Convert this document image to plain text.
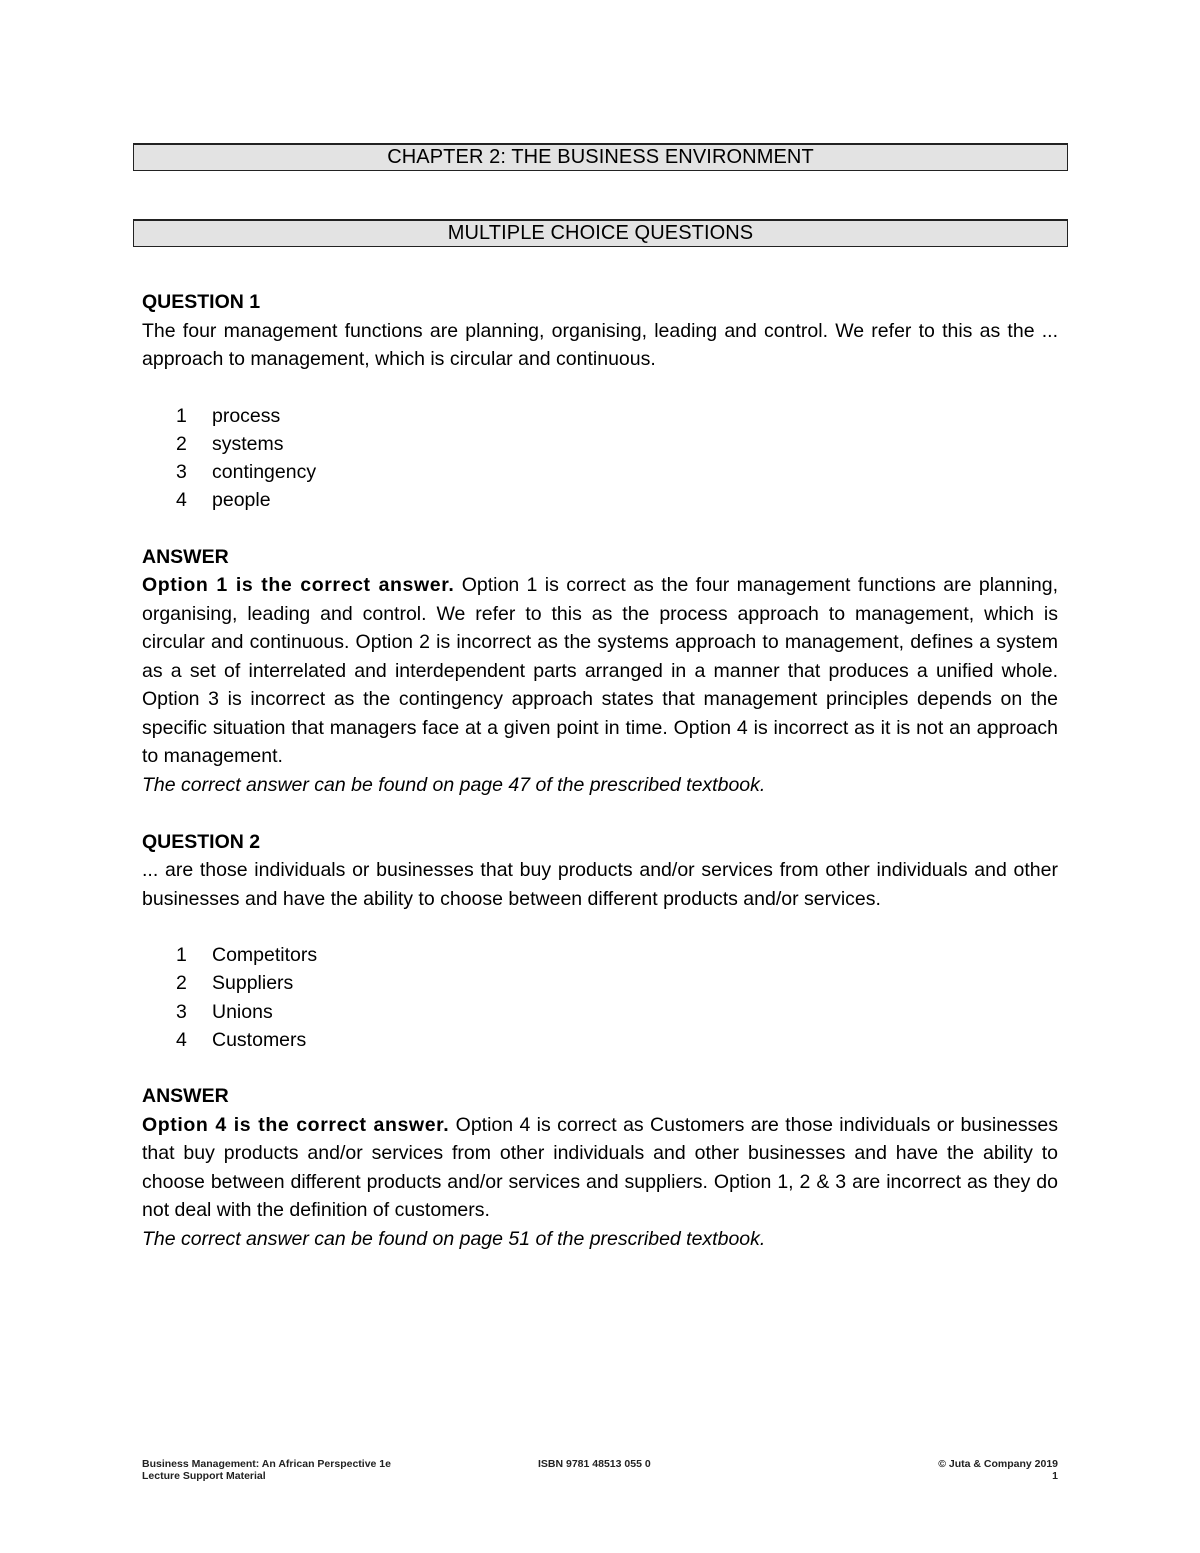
CHAPTER 2: THE BUSINESS ENVIRONMENT
MULTIPLE CHOICE QUESTIONS

QUESTION 1

The four management functions are planning, organising, leading and control. We refer to this as the ... approach to management, which is circular and continuous.

1	process
2	systems
3	contingency
4	people

ANSWER

Option 1 is the correct answer. Option 1 is correct as the four management functions are planning, organising, leading and control. We refer to this as the process approach to management, which is circular and continuous. Option 2 is incorrect as the systems approach to management, defines a system as a set of interrelated and interdependent parts arranged in a manner that produces a unified whole. Option 3 is incorrect as the contingency approach states that management principles depends on the specific situation that managers face at a given point in time. Option 4 is incorrect as it is not an approach to management.

The correct answer can be found on page 47 of the prescribed textbook.

QUESTION 2

... are those individuals or businesses that buy products and/or services from other individuals and other businesses and have the ability to choose between different products and/or services.

1	Competitors
2	Suppliers
3	Unions
4	Customers

ANSWER

Option 4 is the correct answer. Option 4 is correct as Customers are those individuals or businesses that buy products and/or services from other individuals and other businesses and have the ability to choose between different products and/or services and suppliers. Option 1, 2 & 3 are incorrect as they do not deal with the definition of customers.

The correct answer can be found on page 51 of the prescribed textbook.

Business Management: An African Perspective 1e	ISBN 9781 48513 055 0	© Juta & Company 2019
Lecture Support Material	1
